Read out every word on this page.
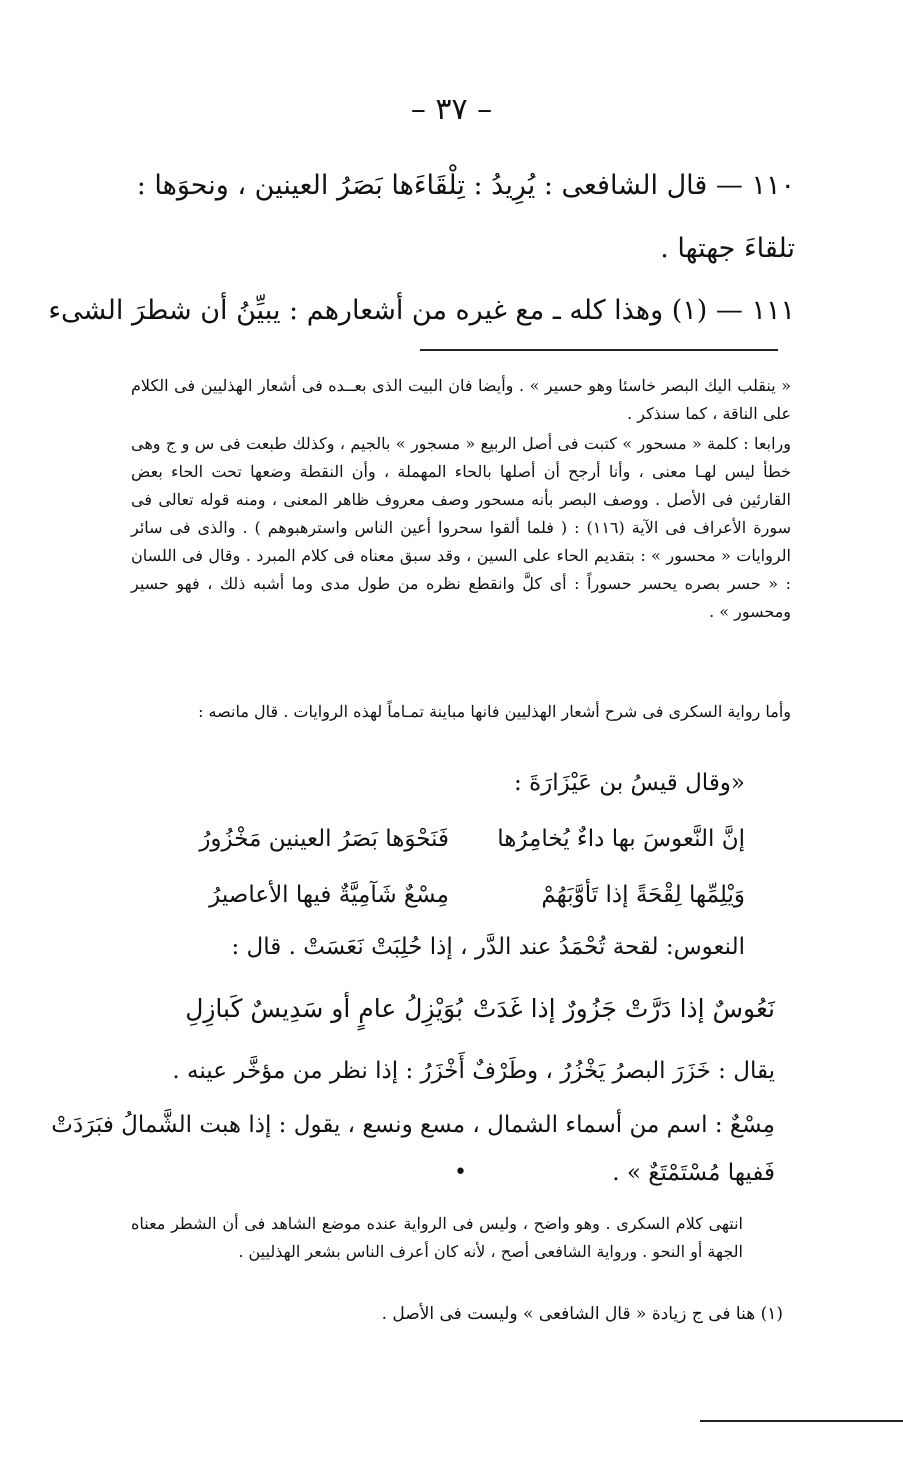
– ٣٧ –
١١٠ — قال الشافعى : يُرِيدُ : تِلْقَاءَها بَصَرُ العينين ، ونحوَها :
تلقاءَ جهتها .
١١١ — (١) وهذا كله ـ مع غيره من أشعارهم : يبيِّنُ أن شطرَ الشىء
« ينقلب اليك البصر خاسئا وهو حسير » . وأيضا فان البيت الذى بعــده فى أشعار الهذليين فى الكلام على الناقة ، كما سنذكر .
ورابعا : كلمة « مسحور » كتبت فى أصل الربيع « مسجور » بالجيم ، وكذلك طبعت فى س و ج وهى خطأ ليس لهـا معنى ، وأنا أرجح أن أصلها بالحاء المهملة ، وأن النقطة وضعها تحت الحاء بعض القارئين فى الأصل . ووصف البصر بأنه مسحور وصف معروف ظاهر المعنى ، ومنه قوله تعالى فى سورة الأعراف فى الآية (١١٦) : ( فلما ألقوا سحروا أعين الناس واسترهبوهم ) . والذى فى سائر الروايات « محسور » : بتقديم الحاء على السين ، وقد سبق معناه فى كلام المبرد . وقال فى اللسان : « حسر بصره يحسر حسوراً : أى كلَّ وانقطع نظره من طول مدى وما أشبه ذلك ، فهو حسير ومحسور » .
وأما رواية السكرى فى شرح أشعار الهذليين فانها مباينة تمـاماً لهذه الروايات . قال مانصه :
«وقال قيسُ بن عَيْزَارَةَ :
إنَّ النَّعوسَ بها داءٌ يُخامِرُها
فَنَحْوَها بَصَرُ العينين مَخْزُورُ
وَيْلِمِّها لِقْحَةً إذا تَأوَّبَهُمْ
مِسْعٌ شَآمِيَّةٌ فيها الأعاصيرُ
النعوس: لقحة تُحْمَدُ عند الدَّر ، إذا حُلِبَتْ نَعَسَتْ . قال :
نَعُوسٌ إذا دَرَّتْ جَزُورٌ إذا غَدَتْ
بُوَيْزِلُ عامٍ أو سَدِيسٌ كَبازِلِ
يقال : خَزَرَ البصرُ يَخْزُرُ ، وطَرْفٌ أَخْزَرُ : إذا نظر من مؤخَّر عينه .
مِسْعٌ : اسم من أسماء الشمال ، مسع ونسع ، يقول : إذا هبت الشَّمالُ فبَرَدَتْ
فَفيها مُسْتَمْتَعٌ » .
•
انتهى كلام السكرى . وهو واضح ، وليس فى الرواية عنده موضع الشاهد فى أن الشطر معناه الجهة أو النحو . ورواية الشافعى أصح ، لأنه كان أعرف الناس بشعر الهذليين .
(١) هنا فى ج زيادة « قال الشافعى » وليست فى الأصل .
